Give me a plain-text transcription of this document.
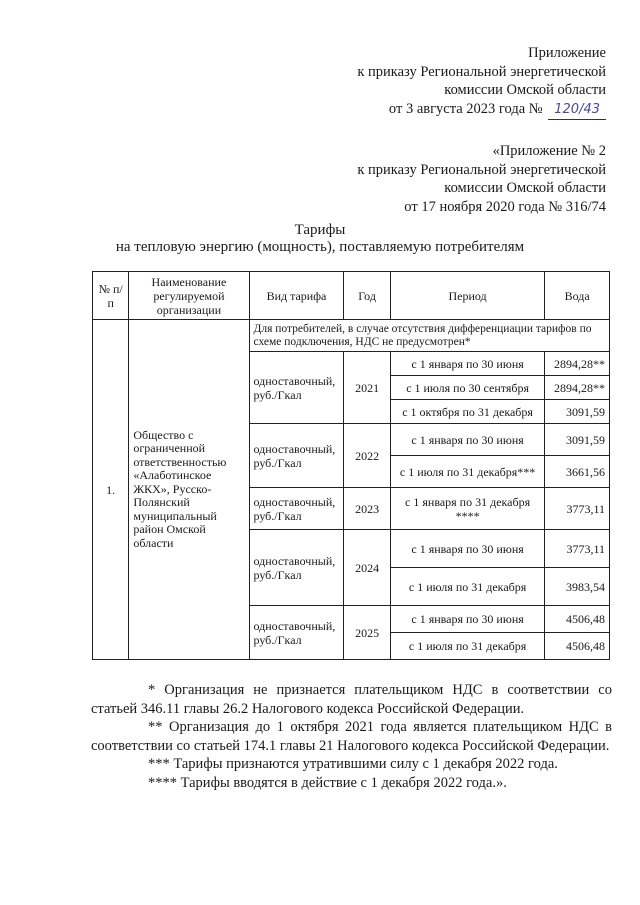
Приложение
к приказу Региональной энергетической
комиссии Омской области
от 3 августа 2023 года № 120/43
«Приложение № 2
к приказу Региональной энергетической
комиссии Омской области
от 17 ноября 2020 года № 316/74
Тарифы
на тепловую энергию (мощность), поставляемую потребителям
№ п/п	Наименование регулируемой организации	Вид тарифа	Год	Период	Вода
1.	Общество с ограниченной ответственностью «Алаботинское ЖКХ», Русско-Полянский муниципальный район Омской области	Для потребителей, в случае отсутствия дифференциации тарифов по схеме подключения, НДС не предусмотрен*			
		одноставочный, руб./Гкал	2021	с 1 января по 30 июня	2894,28**
				с 1 июля по 30 сентября	2894,28**
				с 1 октября по 31 декабря	3091,59
		одноставочный, руб./Гкал	2022	с 1 января по 30 июня	3091,59
				с 1 июля по 31 декабря***	3661,56
		одноставочный, руб./Гкал	2023	с 1 января по 31 декабря ****	3773,11
		одноставочный, руб./Гкал	2024	с 1 января по 30 июня	3773,11
				с 1 июля по 31 декабря	3983,54
		одноставочный, руб./Гкал	2025	с 1 января по 30 июня	4506,48
				с 1 июля по 31 декабря	4506,48

* Организация не признается плательщиком НДС в соответствии со статьей 346.11 главы 26.2 Налогового кодекса Российской Федерации.

** Организация до 1 октября 2021 года является плательщиком НДС в соответствии со статьей 174.1 главы 21 Налогового кодекса Российской Федерации.

*** Тарифы признаются утратившими силу с 1 декабря 2022 года.

**** Тарифы вводятся в действие с 1 декабря 2022 года.».
